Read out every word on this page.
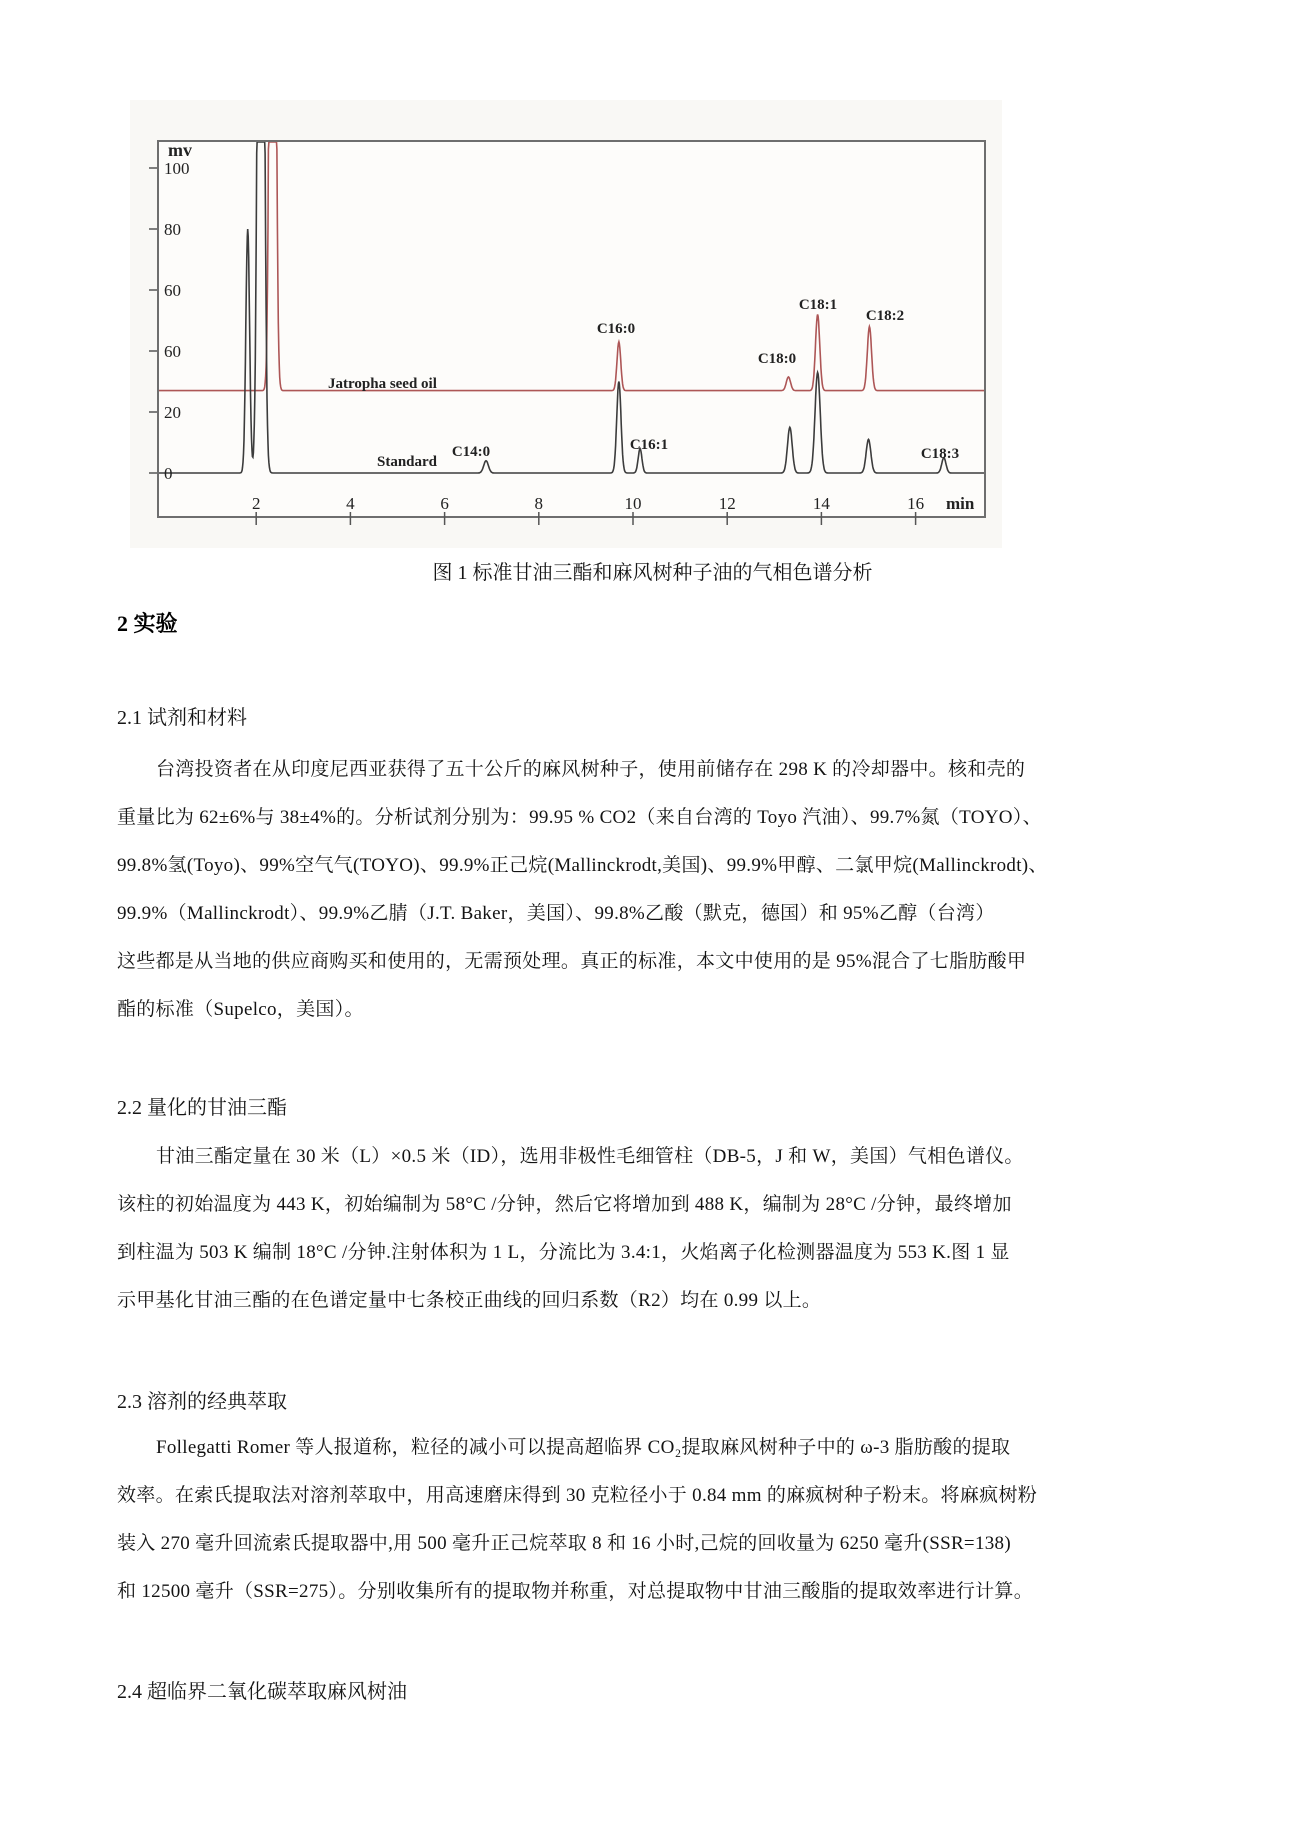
100
80
60
60
20
0
mv
2	4	6	8	10	12	14	16 min
C14:0
C16:0
C16:1
C18:0
C18:1
C18:2
C18:3
Jatropha seed oil
Standard
图 1 标准甘油三酯和麻风树种子油的气相色谱分析
2 实验
2.1 试剂和材料
台湾投资者在从印度尼西亚获得了五十公斤的麻风树种子，使用前储存在 298 K 的冷却器中。核和壳的
重量比为 62±6%与 38±4%的。分析试剂分别为：99.95 % CO2（来自台湾的 Toyo 汽油）、99.7%氮（TOYO）、
99.8%氢(Toyo)、99%空气气(TOYO)、99.9%正己烷(Mallinckrodt,美国)、99.9%甲醇、二氯甲烷(Mallinckrodt)、
99.9%（Mallinckrodt）、99.9%乙腈（J.T. Baker，美国）、99.8%乙酸（默克，德国）和 95%乙醇（台湾）
这些都是从当地的供应商购买和使用的，无需预处理。真正的标准，本文中使用的是 95%混合了七脂肪酸甲
酯的标准（Supelco，美国）。
2.2 量化的甘油三酯
甘油三酯定量在 30 米（L）×0.5 米（ID），选用非极性毛细管柱（DB-5，J 和 W，美国）气相色谱仪。
该柱的初始温度为 443 K，初始编制为 58°C /分钟，然后它将增加到 488 K，编制为 28°C /分钟，最终增加
到柱温为 503 K 编制 18°C /分钟.注射体积为 1 L，分流比为 3.4:1，火焰离子化检测器温度为 553 K.图 1 显
示甲基化甘油三酯的在色谱定量中七条校正曲线的回归系数（R2）均在 0.99 以上。
2.3 溶剂的经典萃取
Follegatti Romer 等人报道称，粒径的减小可以提高超临界 CO₂提取麻风树种子中的 ω-3 脂肪酸的提取
效率。在索氏提取法对溶剂萃取中，用高速磨床得到 30 克粒径小于 0.84 mm 的麻疯树种子粉末。将麻疯树粉
装入 270 毫升回流索氏提取器中,用 500 毫升正己烷萃取 8 和 16 小时,己烷的回收量为 6250 毫升(SSR=138)
和 12500 毫升（SSR=275）。分别收集所有的提取物并称重，对总提取物中甘油三酸脂的提取效率进行计算。
2.4 超临界二氧化碳萃取麻风树油
